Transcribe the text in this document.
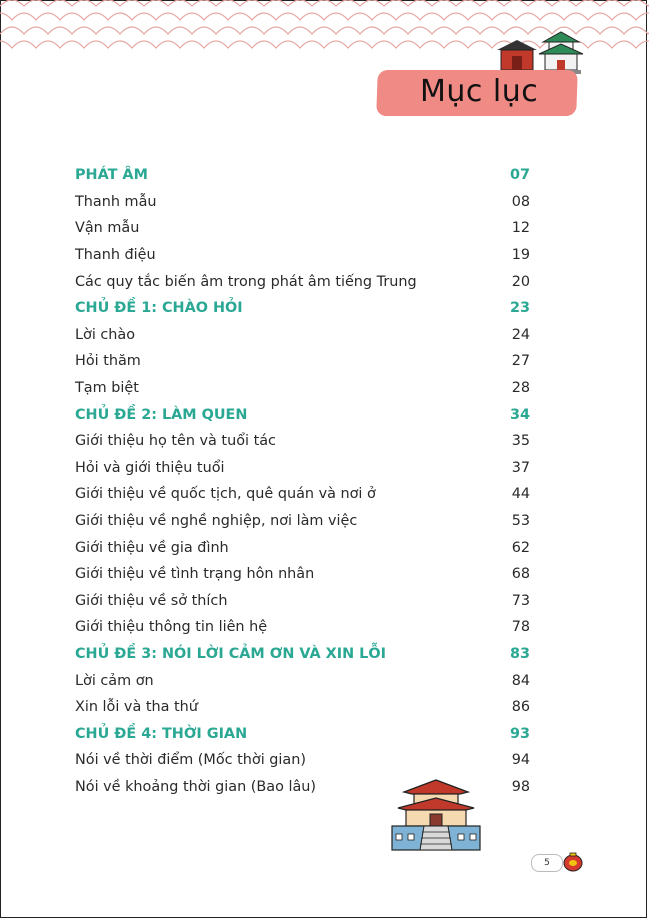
Mục lục
PHÁT ÂM	07
Thanh mẫu	08
Vận mẫu	12
Thanh điệu	19
Các quy tắc biến âm trong phát âm tiếng Trung	20
CHỦ ĐỀ 1: CHÀO HỎI	23
Lời chào	24
Hỏi thăm	27
Tạm biệt	28
CHỦ ĐỀ 2: LÀM QUEN	34
Giới thiệu họ tên và tuổi tác	35
Hỏi và giới thiệu tuổi	37
Giới thiệu về quốc tịch, quê quán và nơi ở	44
Giới thiệu về nghề nghiệp, nơi làm việc	53
Giới thiệu về gia đình	62
Giới thiệu về tình trạng hôn nhân	68
Giới thiệu về sở thích	73
Giới thiệu thông tin liên hệ	78
CHỦ ĐỀ 3: NÓI LỜI CẢM ƠN VÀ XIN LỖI	83
Lời cảm ơn	84
Xin lỗi và tha thứ	86
CHỦ ĐỀ 4: THỜI GIAN	93
Nói về thời điểm (Mốc thời gian)	94
Nói về khoảng thời gian (Bao lâu)	98
5
